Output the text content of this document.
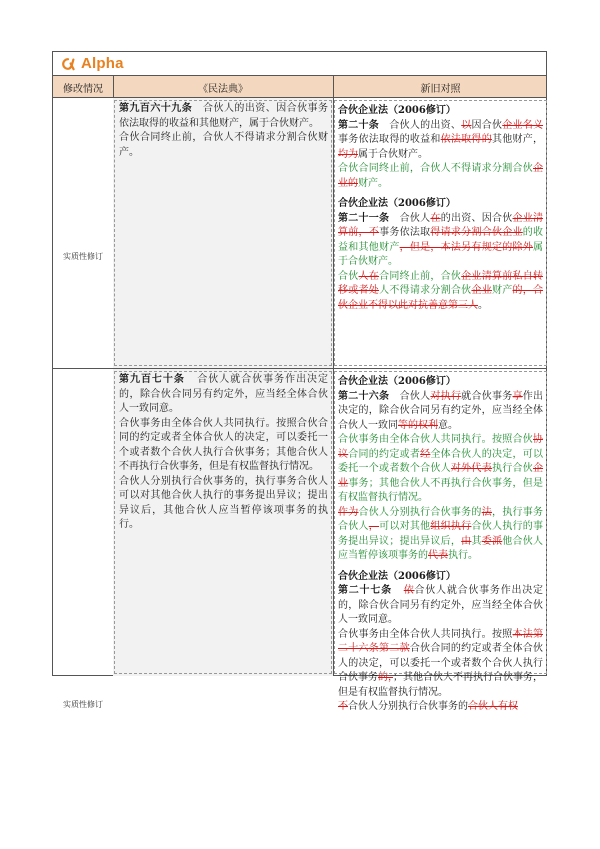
Alpha
修改情况	《民法典》	新旧对照
实质性修订

第九百六十九条 合伙人的出资、因合伙事务依法取得的收益和其他财产，属于合伙财产。

合伙合同终止前，合伙人不得请求分割合伙财产。

合伙企业法（2006修订）

第二十条 合伙人的出资、以因合伙企业名义事务依法取得的收益和依法取得的其他财产，均为属于合伙财产。

合伙合同终止前，合伙人不得请求分割合伙企业的财产。

合伙企业法（2006修订）

第二十一条 合伙人在的出资、因合伙企业清算前，不事务依法取得请求分割合伙企业的收益和其他财产，但是，本法另有规定的除外属于合伙财产。

合伙人在合同终止前，合伙企业清算前私自转移或者处人不得请求分割合伙企业财产的，合伙企业不得以此对抗善意第三人。

实质性修订

第九百七十条 合伙人就合伙事务作出决定的，除合伙合同另有约定外，应当经全体合伙人一致同意。

合伙事务由全体合伙人共同执行。按照合伙合同的约定或者全体合伙人的决定，可以委托一个或者数个合伙人执行合伙事务；其他合伙人不再执行合伙事务，但是有权监督执行情况。

合伙人分别执行合伙事务的，执行事务合伙人可以对其他合伙人执行的事务提出异议；提出异议后，其他合伙人应当暂停该项事务的执行。

合伙企业法（2006修订）

第二十六条 合伙人对执行就合伙事务享作出决定的，除合伙合同另有约定外，应当经全体合伙人一致同等的权利意。

合伙事务由全体合伙人共同执行。按照合伙协议合同的约定或者经全体合伙人的决定，可以委托一个或者数个合伙人对外代表执行合伙企业事务；其他合伙人不再执行合伙事务，但是有权监督执行情况。

作为合伙人分别执行合伙事务的法，执行事务合伙人，可以对其他组织执行合伙人执行的事务提出异议；提出异议后，由其委派他合伙人应当暂停该项事务的代表执行。

合伙企业法（2006修订）

第二十七条 依合伙人就合伙事务作出决定的，除合伙合同另有约定外，应当经全体合伙人一致同意。

合伙事务由全体合伙人共同执行。按照本法第二十六条第二款合伙合同的约定或者全体合伙人的决定，可以委托一个或者数个合伙人执行合伙事务的，；其他合伙人不再执行合伙事务，但是有权监督执行情况。

不合伙人分别执行合伙事务的合伙人有权
